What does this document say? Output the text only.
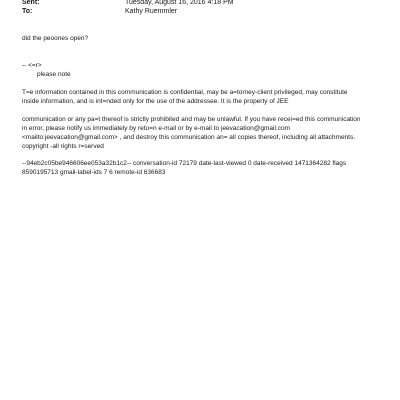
Sent:	Tuesday, August 16, 2016 4:18 PM
To:	Kathy Ruemmler
did the peoones open?
-- <=r>
please note
T=e information contained in this communication is confidential, may be a=torney-client privileged, may constitute
inside information, and is int=nded only for the use of the addressee. It is the property of JEE
communication or any pa=t thereof is strictly prohibited and may be unlawful. If you have recei=ed this communication
in error, please notify us immediately by retu=n e-mail or by e-mail to jeevacation@gmail.com
<mailto:jeevacation@gmail.com> , and destroy this communication an= all copies thereof, including all attachments.
copyright -all rights r=served
--94eb2c05be946606ee053a32b1c2-- conversation-id 72179 date-last-viewed 0 date-received 1471364282 flags
8590195713 gmail-label-ids 7 6 remote-id 636683
